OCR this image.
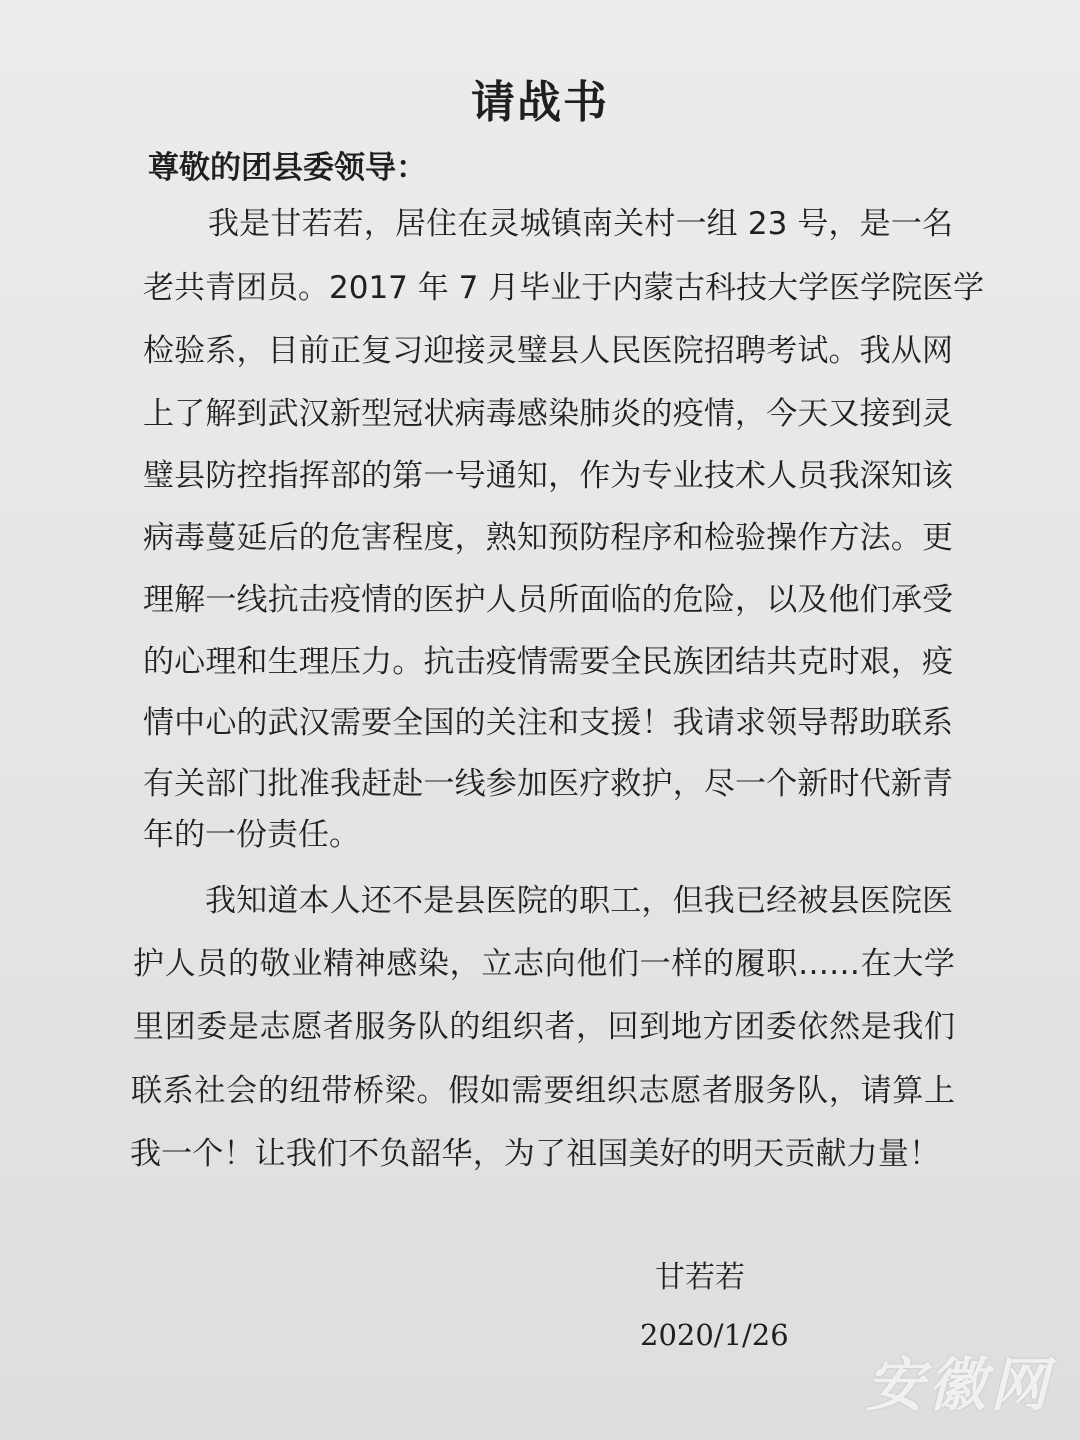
请战书
尊敬的团县委领导：
我是甘若若，居住在灵城镇南关村一组 23 号，是一名
老共青团员。2017 年 7 月毕业于内蒙古科技大学医学院医学
检验系，目前正复习迎接灵璧县人民医院招聘考试。我从网
上了解到武汉新型冠状病毒感染肺炎的疫情，今天又接到灵
璧县防控指挥部的第一号通知，作为专业技术人员我深知该
病毒蔓延后的危害程度，熟知预防程序和检验操作方法。更
理解一线抗击疫情的医护人员所面临的危险，以及他们承受
的心理和生理压力。抗击疫情需要全民族团结共克时艰，疫
情中心的武汉需要全国的关注和支援！我请求领导帮助联系
有关部门批准我赶赴一线参加医疗救护，尽一个新时代新青
年的一份责任。
我知道本人还不是县医院的职工，但我已经被县医院医
护人员的敬业精神感染，立志向他们一样的履职……在大学
里团委是志愿者服务队的组织者，回到地方团委依然是我们
联系社会的纽带桥梁。假如需要组织志愿者服务队，请算上
我一个！让我们不负韶华，为了祖国美好的明天贡献力量！
甘若若
2020/1/26
安徽网
